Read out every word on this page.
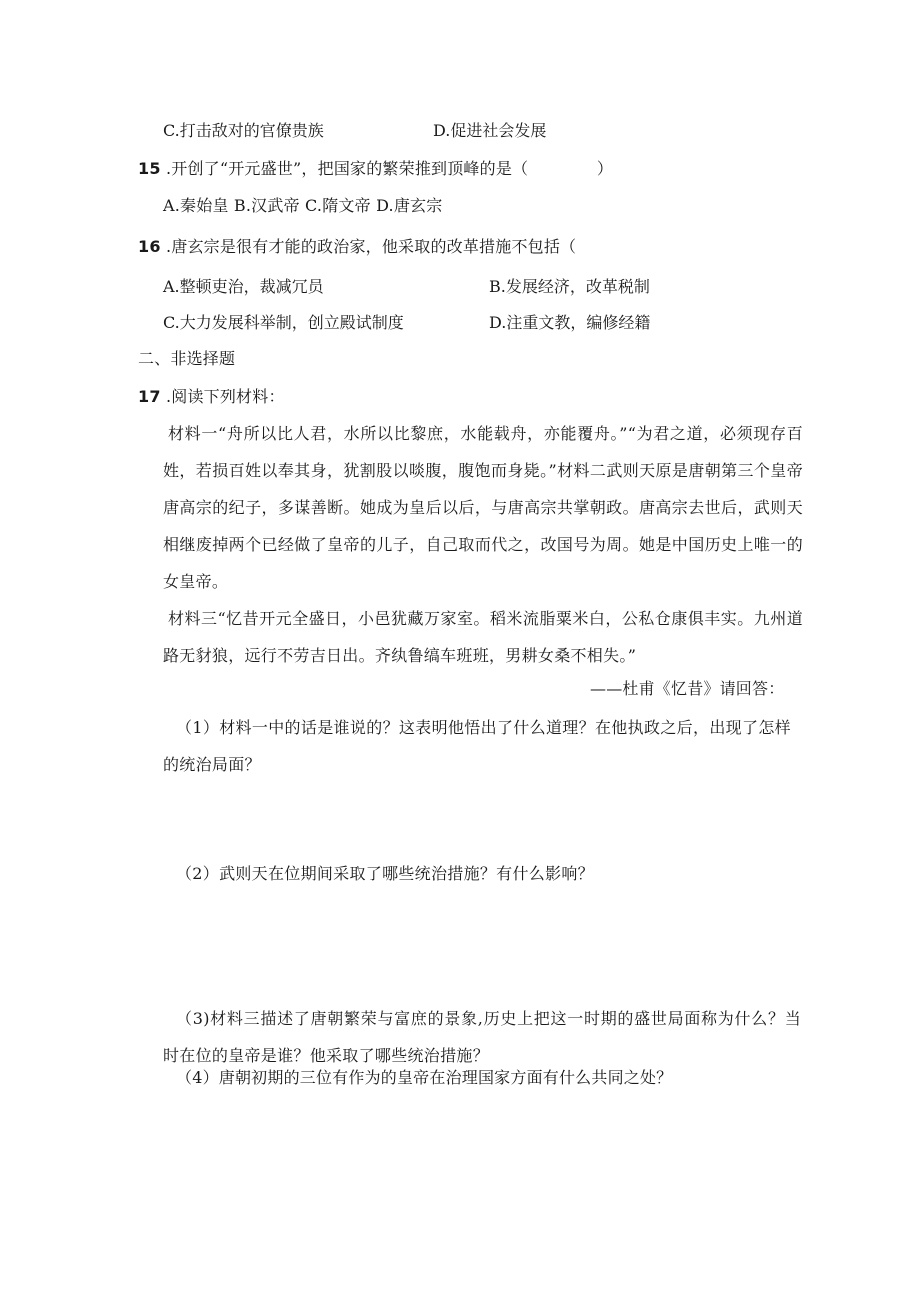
C.打击敌对的官僚贵族	D.促进社会发展
15 .开创了“开元盛世”，把国家的繁荣推到顶峰的是（	）
A.秦始皇 B.汉武帝 C.隋文帝 D.唐玄宗
16 .唐玄宗是很有才能的政治家，他采取的改革措施不包括（
A.整顿吏治，裁减冗员	B.发展经济，改革税制
C.大力发展科举制，创立殿试制度	D.注重文教，编修经籍
二、非选择题
17 .阅读下列材料：
材料一“舟所以比人君，水所以比黎庶，水能载舟，亦能覆舟。”“为君之道，必须现存百姓，若损百姓以奉其身，犹割股以啖腹，腹饱而身毙。”材料二武则天原是唐朝第三个皇帝唐高宗的纪子，多谋善断。她成为皇后以后，与唐高宗共掌朝政。唐高宗去世后，武则天相继废掉两个已经做了皇帝的儿子，自己取而代之，改国号为周。她是中国历史上唯一的女皇帝。
材料三“忆昔开元全盛日，小邑犹藏万家室。稻米流脂粟米白，公私仓康俱丰实。九州道路无豺狼，远行不劳吉日出。齐纨鲁缟车班班，男耕女桑不相失。”
——杜甫《忆昔》请回答：
（1）材料一中的话是谁说的？这表明他悟出了什么道理？在他执政之后，出现了怎样的统治局面？
（2）武则天在位期间采取了哪些统治措施？有什么影响？
（3)材料三描述了唐朝繁荣与富庶的景象,历史上把这一时期的盛世局面称为什么？当时在位的皇帝是谁？他采取了哪些统治措施？
（4）唐朝初期的三位有作为的皇帝在治理国家方面有什么共同之处？
